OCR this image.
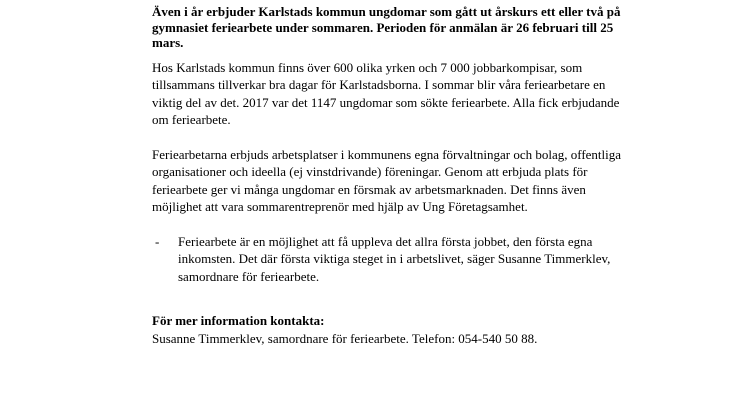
Även i år erbjuder Karlstads kommun ungdomar som gått ut årskurs ett eller två på gymnasiet feriearbete under sommaren. Perioden för anmälan är 26 februari till 25 mars.

Hos Karlstads kommun finns över 600 olika yrken och 7 000 jobbarkompisar, som tillsammans tillverkar bra dagar för Karlstadsborna. I sommar blir våra feriearbetare en viktig del av det. 2017 var det 1147 ungdomar som sökte feriearbete. Alla fick erbjudande om feriearbete.

Feriearbetarna erbjuds arbetsplatser i kommunens egna förvaltningar och bolag, offentliga organisationer och ideella (ej vinstdrivande) föreningar. Genom att erbjuda plats för feriearbete ger vi många ungdomar en försmak av arbetsmarknaden. Det finns även möjlighet att vara sommarentreprenör med hjälp av Ung Företagsamhet.

-	Feriearbete är en möjlighet att få uppleva det allra första jobbet, den första egna inkomsten. Det där första viktiga steget in i arbetslivet, säger Susanne Timmerklev, samordnare för feriearbete.

För mer information kontakta:

Susanne Timmerklev, samordnare för feriearbete. Telefon: 054-540 50 88.
